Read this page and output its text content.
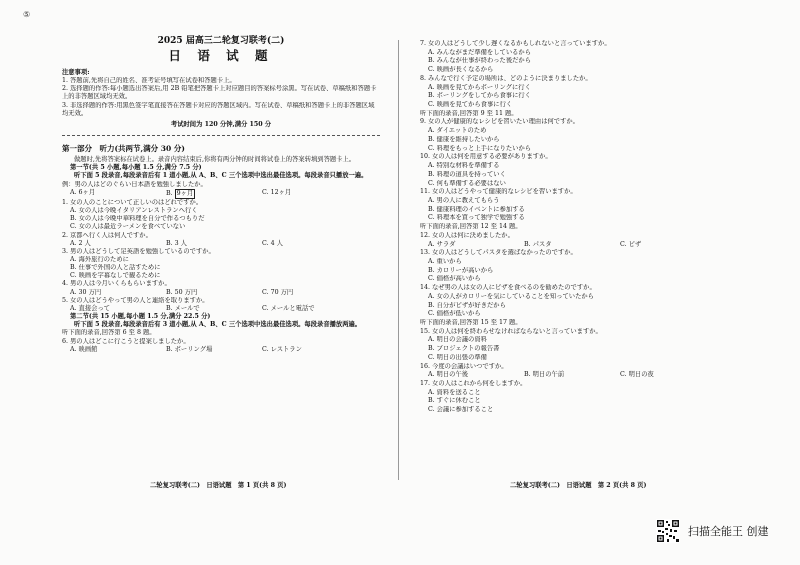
⑤
2025 届高三二轮复习联考(二)
日 语 试 题
注意事项:
1. 答题前,先将自己的姓名、准考证号填写在试卷和答题卡上。
2. 选择题的作答:每小题选出答案后,用 2B 铅笔把答题卡上对应题目的答案标号涂黑。写在试卷、草稿纸和答题卡上的非答题区域均无效。
3. 非选择题的作答:用黑色签字笔直接答在答题卡对应的答题区域内。写在试卷、草稿纸和答题卡上的非答题区域均无效。
考试时间为 120 分钟,满分 150 分
第一部分　听力(共两节,满分 30 分)
做题时,先将答案标在试卷上。录音内容结束后,你将有两分钟的时间将试卷上的答案转填到答题卡上。
第一节(共 5 小题,每小题 1.5 分,满分 7.5 分)
听下面 5 段录音,每段录音后有 1 道小题,从 A、B、C 三个选项中选出最佳选项。每段录音只播放一遍。
例：男の人はどのぐらい日本語を勉強しましたか。
A. 6ヶ月	B. 9ヶ月	C. 12ヶ月
1. 女の人のことについて正しいのはどれですか。
A. 女の人は今晩イタリアンレストランへ行く
B. 女の人は今晩中華料理を自分で作るつもりだ
C. 女の人は最近ラーメンを食べていない
2. 京都へ行く人は何人ですか。
A. 2 人	B. 3 人	C. 4 人
3. 男の人はどうして足英語を勉強しているのですか。
A. 海外旅行のために
B. 仕事で外国の人と話すために
C. 映画を字幕なしで観るために
4. 男の人は今月いくらもらいますか。
A. 30 万円	B. 50 万円	C. 70 万円
5. 女の人はどうやって男の人と連絡を取りますか。
A. 直接会って	B. メールで	C. メールと電話で
第二节(共 15 小题,每小题 1.5 分,满分 22.5 分)
听下面 5 段录音,每段录音后有 3 道小题,从 A、B、C 三个选项中选出最佳选项。每段录音播放两遍。
听下面的录音,回答第 6 至 8 题。
6. 男の人はどこに行こうと提案しましたか。
A. 映画館	B. ボーリング場	C. レストラン
7. 女の人はどうして少し遅くなるかもしれないと言っていますか。
A. みんながまだ準備をしているから
B. みんなが仕事が終わった後だから
C. 映画が長くなるから
8. みんなで行く予定の場所は、どのように決まりましたか。
A. 映画を見てからボーリングに行く
B. ボーリングをしてから食事に行く
C. 映画を見てから食事に行く
听下面的录音,回答第 9 至 11 题。
9. 女の人が健康的なレシピを習いたい理由は何ですか。
A. ダイエットのため
B. 健康を維持したいから
C. 料理をもっと上手になりたいから
10. 女の人は何を用意する必要がありますか。
A. 特別な材料を準備する
B. 料理の道具を持っていく
C. 何も準備する必要はない
11. 女の人はどうやって健康的なレシピを習いますか。
A. 男の人に教えてもらう
B. 健康料理のイベントに参加する
C. 料理本を買って独学で勉強する
听下面的录音,回答第 12 至 14 题。
12. 女の人は何に決めましたか。
A. サラダ	B. パスタ	C. ピザ
13. 女の人はどうしてパスタを選ばなかったのですか。
A. 重いから
B. カロリーが高いから
C. 価格が高いから
14. なぜ男の人は女の人にピザを食べるのを勧めたのですか。
A. 女の人がカロリーを気にしていることを知っていたから
B. 自分がピザが好きだから
C. 価格が低いから
听下面的录音,回答第 15 至 17 题。
15. 女の人は何を終わらせなければならないと言っていますか。
A. 明日の会議の資料
B. プロジェクトの報告書
C. 明日の出張の準備
16. 今度の会議はいつですか。
A. 明日の午後	B. 明日の午前	C. 明日の夜
17. 女の人はこれから何をしますか。
A. 資料を送ること
B. すぐに休むこと
C. 会議に参加すること
二轮复习联考(二)　日语试题　第 1 页(共 8 页)	二轮复习联考(二)　日语试题　第 2 页(共 8 页)
扫描全能王 创建
